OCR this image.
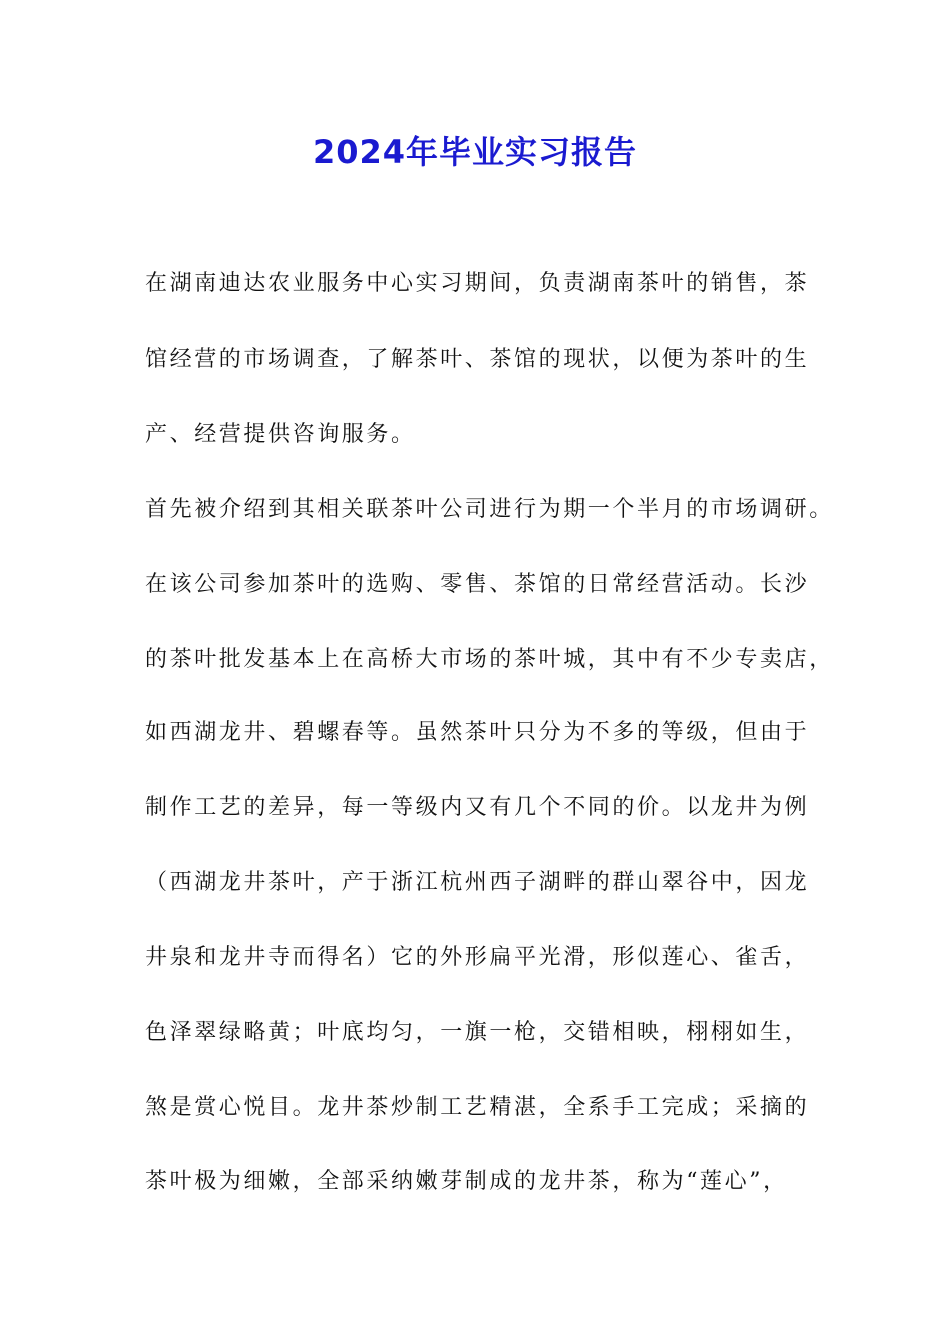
2024年毕业实习报告
在湖南迪达农业服务中心实习期间，负责湖南茶叶的销售，茶
馆经营的市场调查，了解茶叶、茶馆的现状，以便为茶叶的生
产、经营提供咨询服务。
首先被介绍到其相关联茶叶公司进行为期一个半月的市场调研。
在该公司参加茶叶的选购、零售、茶馆的日常经营活动。长沙
的茶叶批发基本上在高桥大市场的茶叶城，其中有不少专卖店，
如西湖龙井、碧螺春等。虽然茶叶只分为不多的等级，但由于
制作工艺的差异，每一等级内又有几个不同的价。以龙井为例
（西湖龙井茶叶，产于浙江杭州西子湖畔的群山翠谷中，因龙
井泉和龙井寺而得名）它的外形扁平光滑，形似莲心、雀舌，
色泽翠绿略黄；叶底均匀，一旗一枪，交错相映，栩栩如生，
煞是赏心悦目。龙井茶炒制工艺精湛，全系手工完成；采摘的
茶叶极为细嫩，全部采纳嫩芽制成的龙井茶，称为“莲心”，
